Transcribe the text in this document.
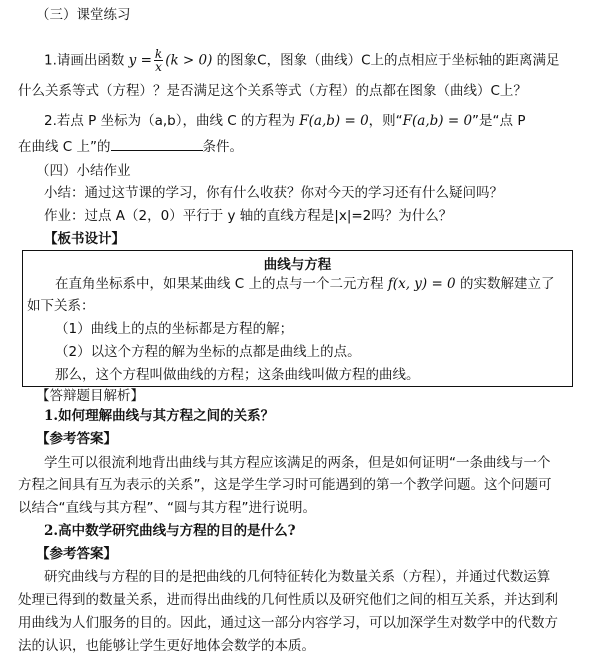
（三）课堂练习
1.请画出函数 $y = \frac{k}{x} (k > 0)$ 的图象C，图象（曲线）C上的点相应于坐标轴的距离满足
什么关系等式（方程）？是否满足这个关系等式（方程）的点都在图象（曲线）C上？
2.若点 P 坐标为（a,b），曲线 C 的方程为 F(a,b) = 0，则“F(a,b) = 0”是“点 P
在曲线 C 上”的	条件。
（四）小结作业
小结：通过这节课的学习，你有什么收获？你对今天的学习还有什么疑问吗？
作业：过点 A（2，0）平行于 y 轴的直线方程是|x|=2吗？为什么？
【板书设计】
曲线与方程
在直角坐标系中，如果某曲线 C 上的点与一个二元方程 f(x, y) = 0 的实数解建立了
如下关系：
（1）曲线上的点的坐标都是方程的解；
（2）以这个方程的解为坐标的点都是曲线上的点。
那么，这个方程叫做曲线的方程；这条曲线叫做方程的曲线。
【答辩题目解析】
1.如何理解曲线与其方程之间的关系？
【参考答案】
学生可以很流利地背出曲线与其方程应该满足的两条，但是如何证明“一条曲线与一个
方程之间具有互为表示的关系”，这是学生学习时可能遇到的第一个教学问题。这个问题可
以结合“直线与其方程”、“圆与其方程”进行说明。
2.高中数学研究曲线与方程的目的是什么?
【参考答案】
研究曲线与方程的目的是把曲线的几何特征转化为数量关系（方程），并通过代数运算
处理已得到的数量关系，进而得出曲线的几何性质以及研究他们之间的相互关系，并达到利
用曲线为人们服务的目的。因此，通过这一部分内容学习，可以加深学生对数学中的代数方
法的认识，也能够让学生更好地体会数学的本质。
